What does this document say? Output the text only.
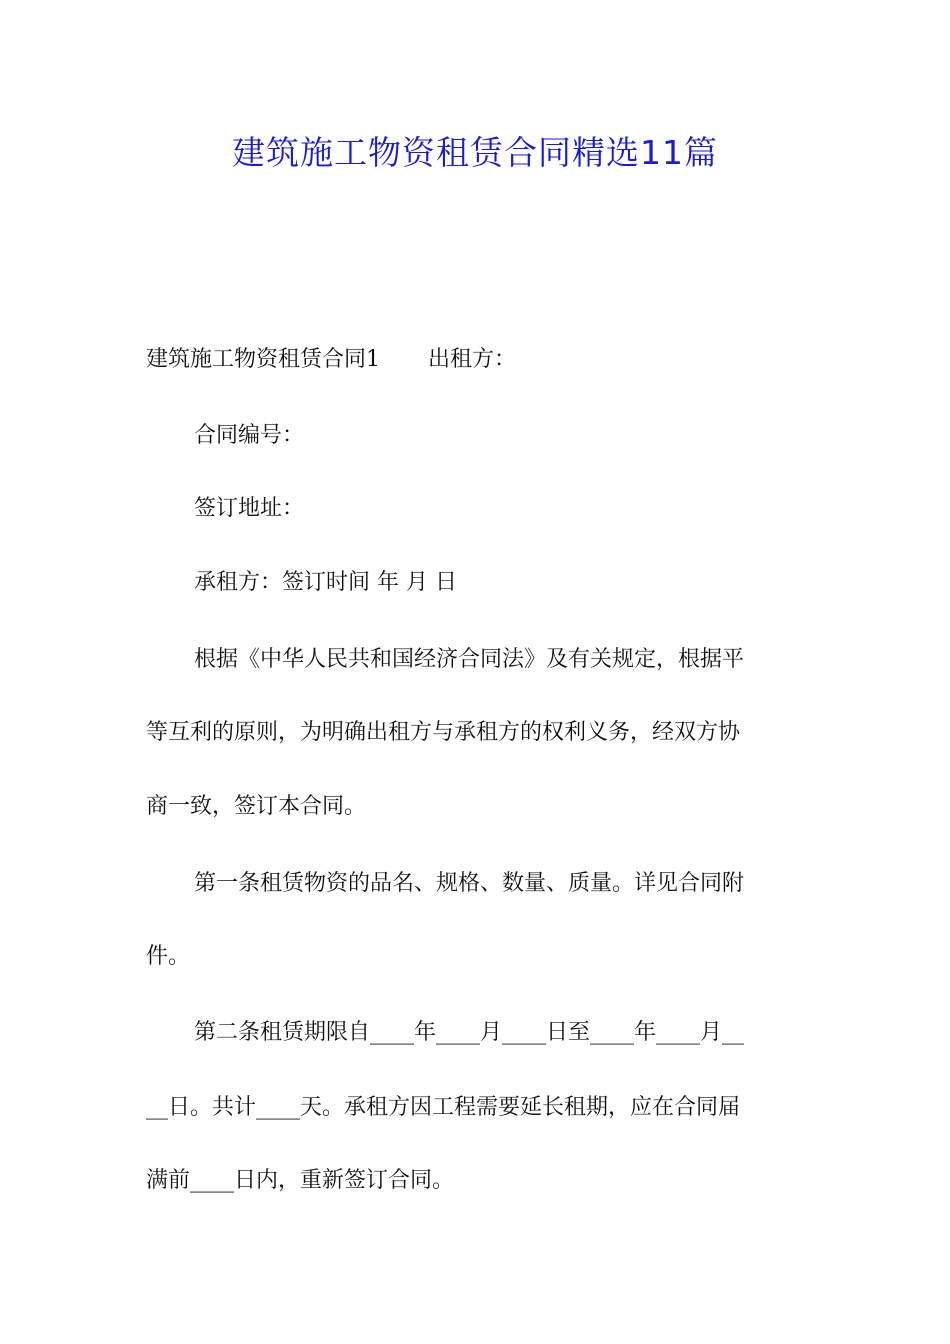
建筑施工物资租赁合同精选11篇
建筑施工物资租赁合同1 出租方：
合同编号：
签订地址：
承租方：签订时间 年 月 日
根据《中华人民共和国经济合同法》及有关规定，根据平
等互利的原则，为明确出租方与承租方的权利义务，经双方协
商一致，签订本合同。
第一条租赁物资的品名、规格、数量、质量。详见合同附
件。
第二条租赁期限自____年____月____日至____年____月__
__日。共计____天。承租方因工程需要延长租期，应在合同届
满前____日内，重新签订合同。
